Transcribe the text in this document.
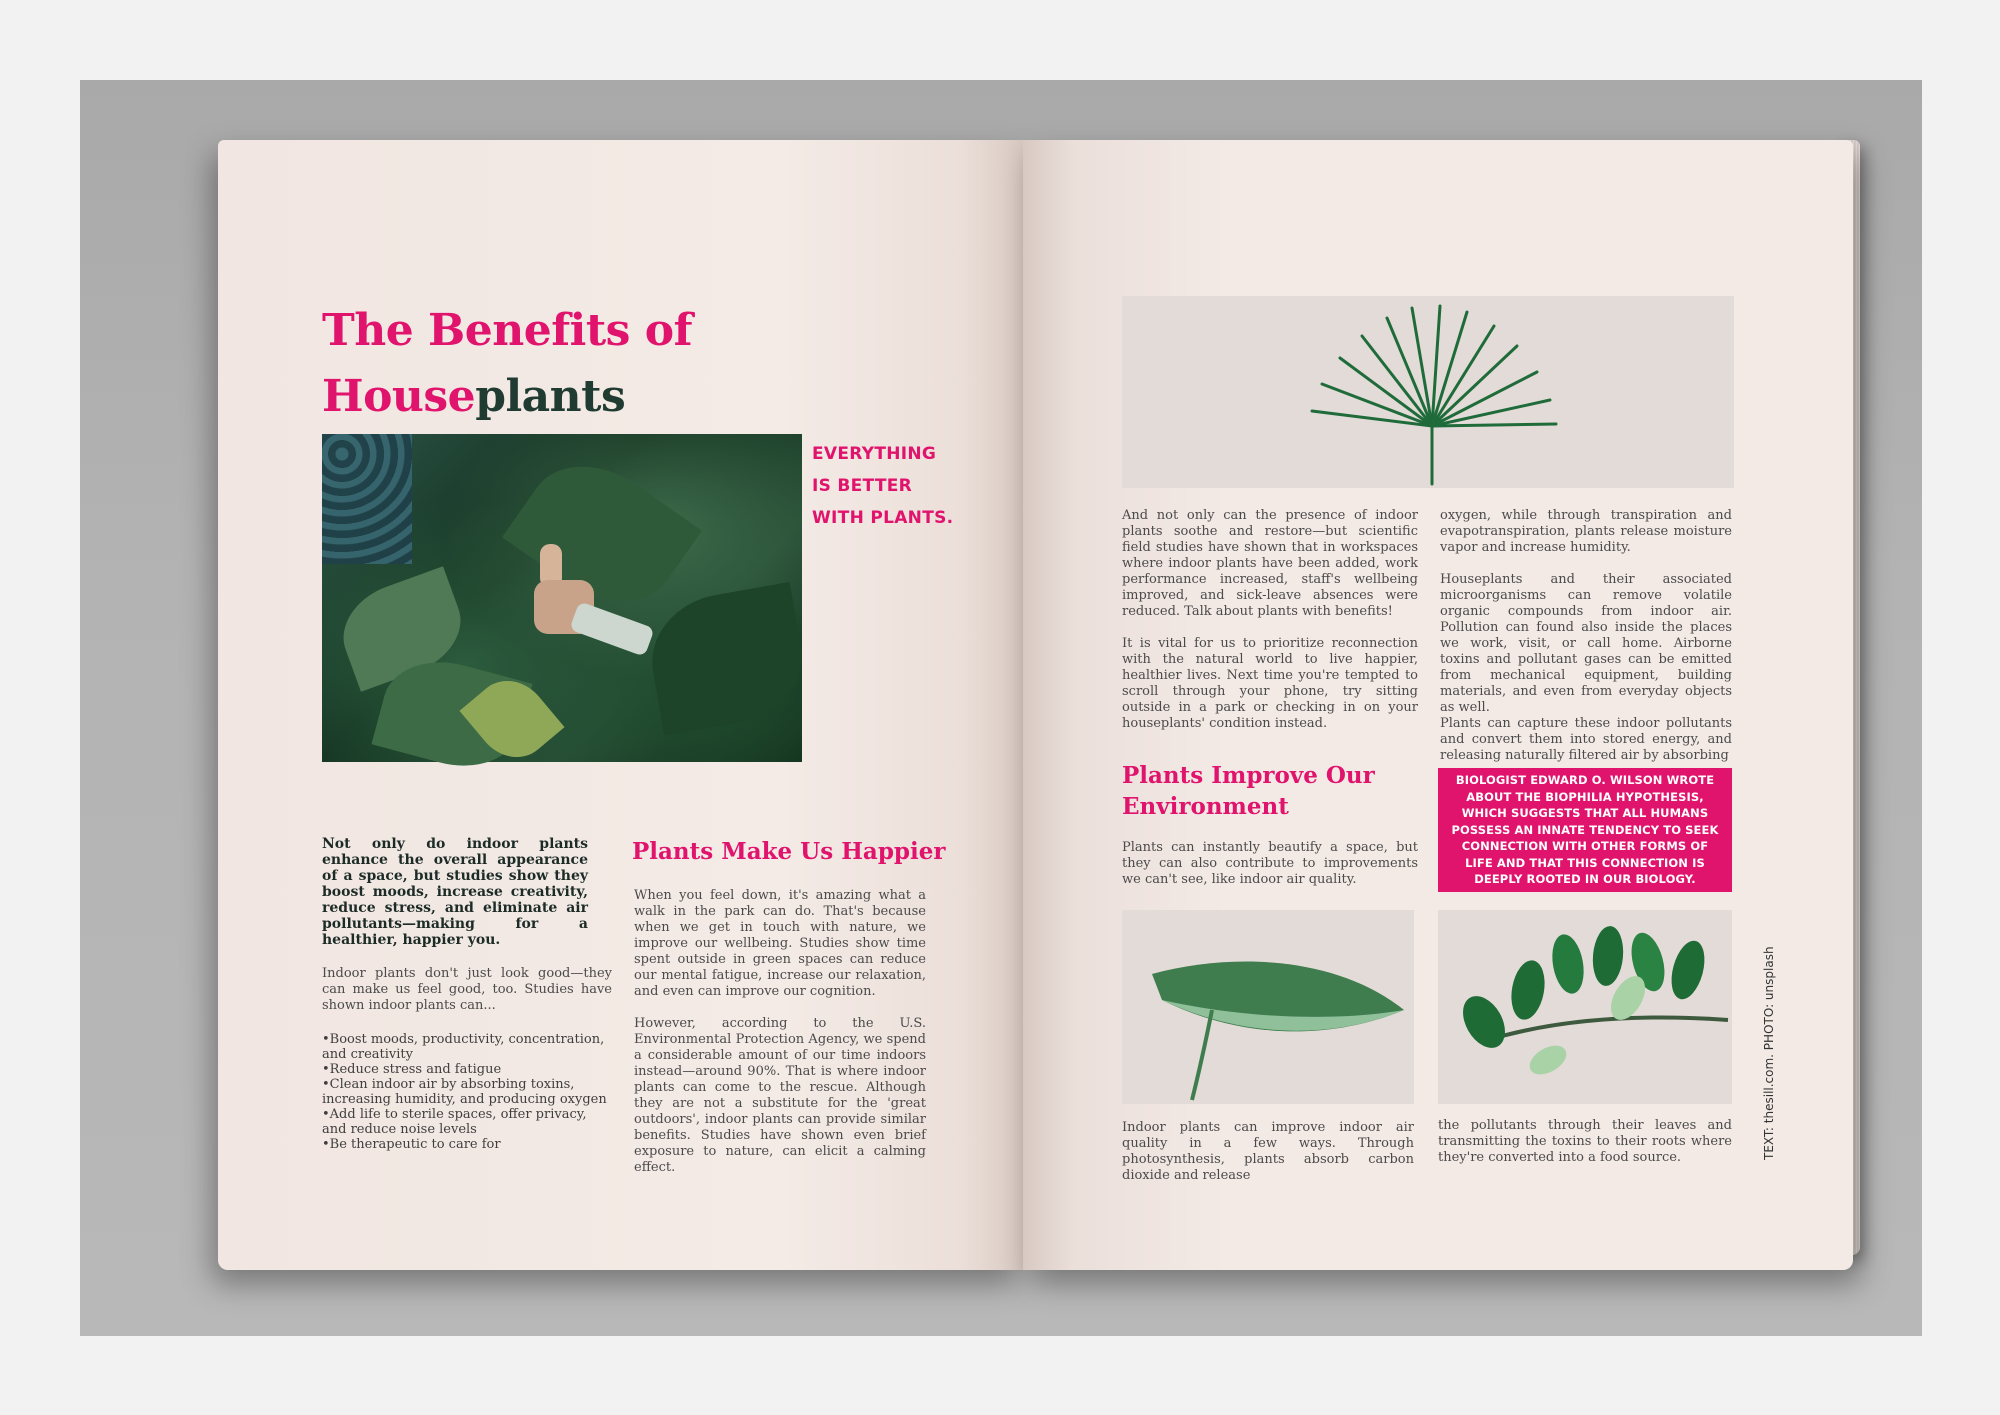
The Benefits of
Houseplants
EVERYTHING
IS BETTER
WITH PLANTS.
Not only do indoor plants enhance the overall appearance of a space, but studies show they boost moods, increase creativity, reduce stress, and eliminate air pollutants—making for a healthier, happier you.
Indoor plants don't just look good—they can make us feel good, too. Studies have shown indoor plants can...
• Boost moods, productivity, concentration, and creativity
• Reduce stress and fatigue
• Clean indoor air by absorbing toxins, increasing humidity, and producing oxygen
• Add life to sterile spaces, offer privacy, and reduce noise levels
• Be therapeutic to care for
Plants Make Us Happier

When you feel down, it's amazing what a walk in the park can do. That's because when we get in touch with nature, we improve our wellbeing. Studies show time spent outside in green spaces can reduce our mental fatigue, increase our relaxation, and even can improve our cognition.

However, according to the U.S. Environmental Protection Agency, we spend a considerable amount of our time indoors instead—around 90%. That is where indoor plants can come to the rescue. Although they are not a substitute for the 'great outdoors', indoor plants can provide similar benefits. Studies have shown even brief exposure to nature, can elicit a calming effect.

And not only can the presence of indoor plants soothe and restore—but scientific field studies have shown that in workspaces where indoor plants have been added, work performance increased, staff's wellbeing improved, and sick-leave absences were reduced. Talk about plants with benefits!

It is vital for us to prioritize reconnection with the natural world to live happier, healthier lives. Next time you're tempted to scroll through your phone, try sitting outside in a park or checking in on your houseplants' condition instead.

Plants Improve Our Environment
Plants can instantly beautify a space, but they can also contribute to improvements we can't see, like indoor air quality.

oxygen, while through transpiration and evapotranspiration, plants release moisture vapor and increase humidity.

Houseplants and their associated microorganisms can remove volatile organic compounds from indoor air. Pollution can found also inside the places we work, visit, or call home. Airborne toxins and pollutant gases can be emitted from mechanical equipment, building materials, and even from everyday objects as well.

Plants can capture these indoor pollutants and convert them into stored energy, and releasing naturally filtered air by absorbing

BIOLOGIST EDWARD O. WILSON WROTE ABOUT THE BIOPHILIA HYPOTHESIS, WHICH SUGGESTS THAT ALL HUMANS POSSESS AN INNATE TENDENCY TO SEEK CONNECTION WITH OTHER FORMS OF LIFE AND THAT THIS CONNECTION IS DEEPLY ROOTED IN OUR BIOLOGY.
Indoor plants can improve indoor air quality in a few ways. Through photosynthesis, plants absorb carbon dioxide and release
the pollutants through their leaves and transmitting the toxins to their roots where they're converted into a food source.	TEXT: thesill.com. PHOTO: unsplash
